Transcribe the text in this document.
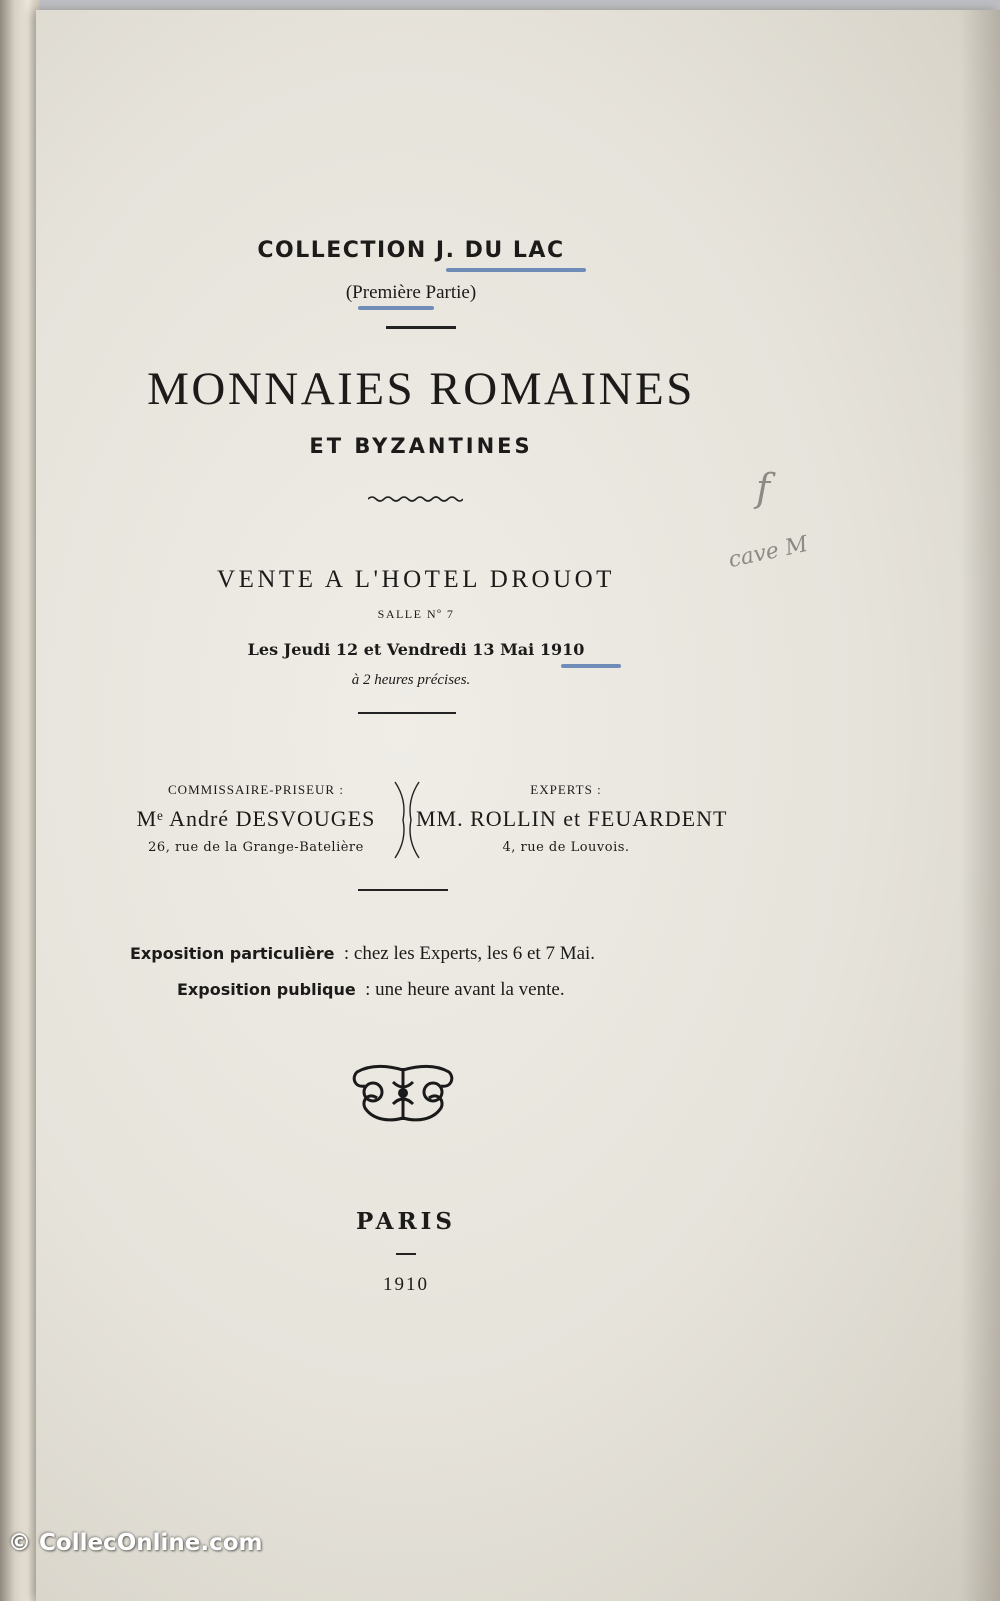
COLLECTION J. DU LAC
(Première Partie)
MONNAIES ROMAINES
ET BYZANTINES
VENTE A L'HOTEL DROUOT
SALLE Nº 7
Les Jeudi 12 et Vendredi 13 Mai 1910
à 2 heures précises.
COMMISSAIRE-PRISEUR :
Mᵉ André DESVOUGES
26, rue de la Grange-Batelière
EXPERTS :
MM. ROLLIN et FEUARDENT
4, rue de Louvois.
Exposition particulière : chez les Experts, les 6 et 7 Mai.
Exposition publique : une heure avant la vente.
PARIS
1910
f
cave M
© CollecOnline.com
